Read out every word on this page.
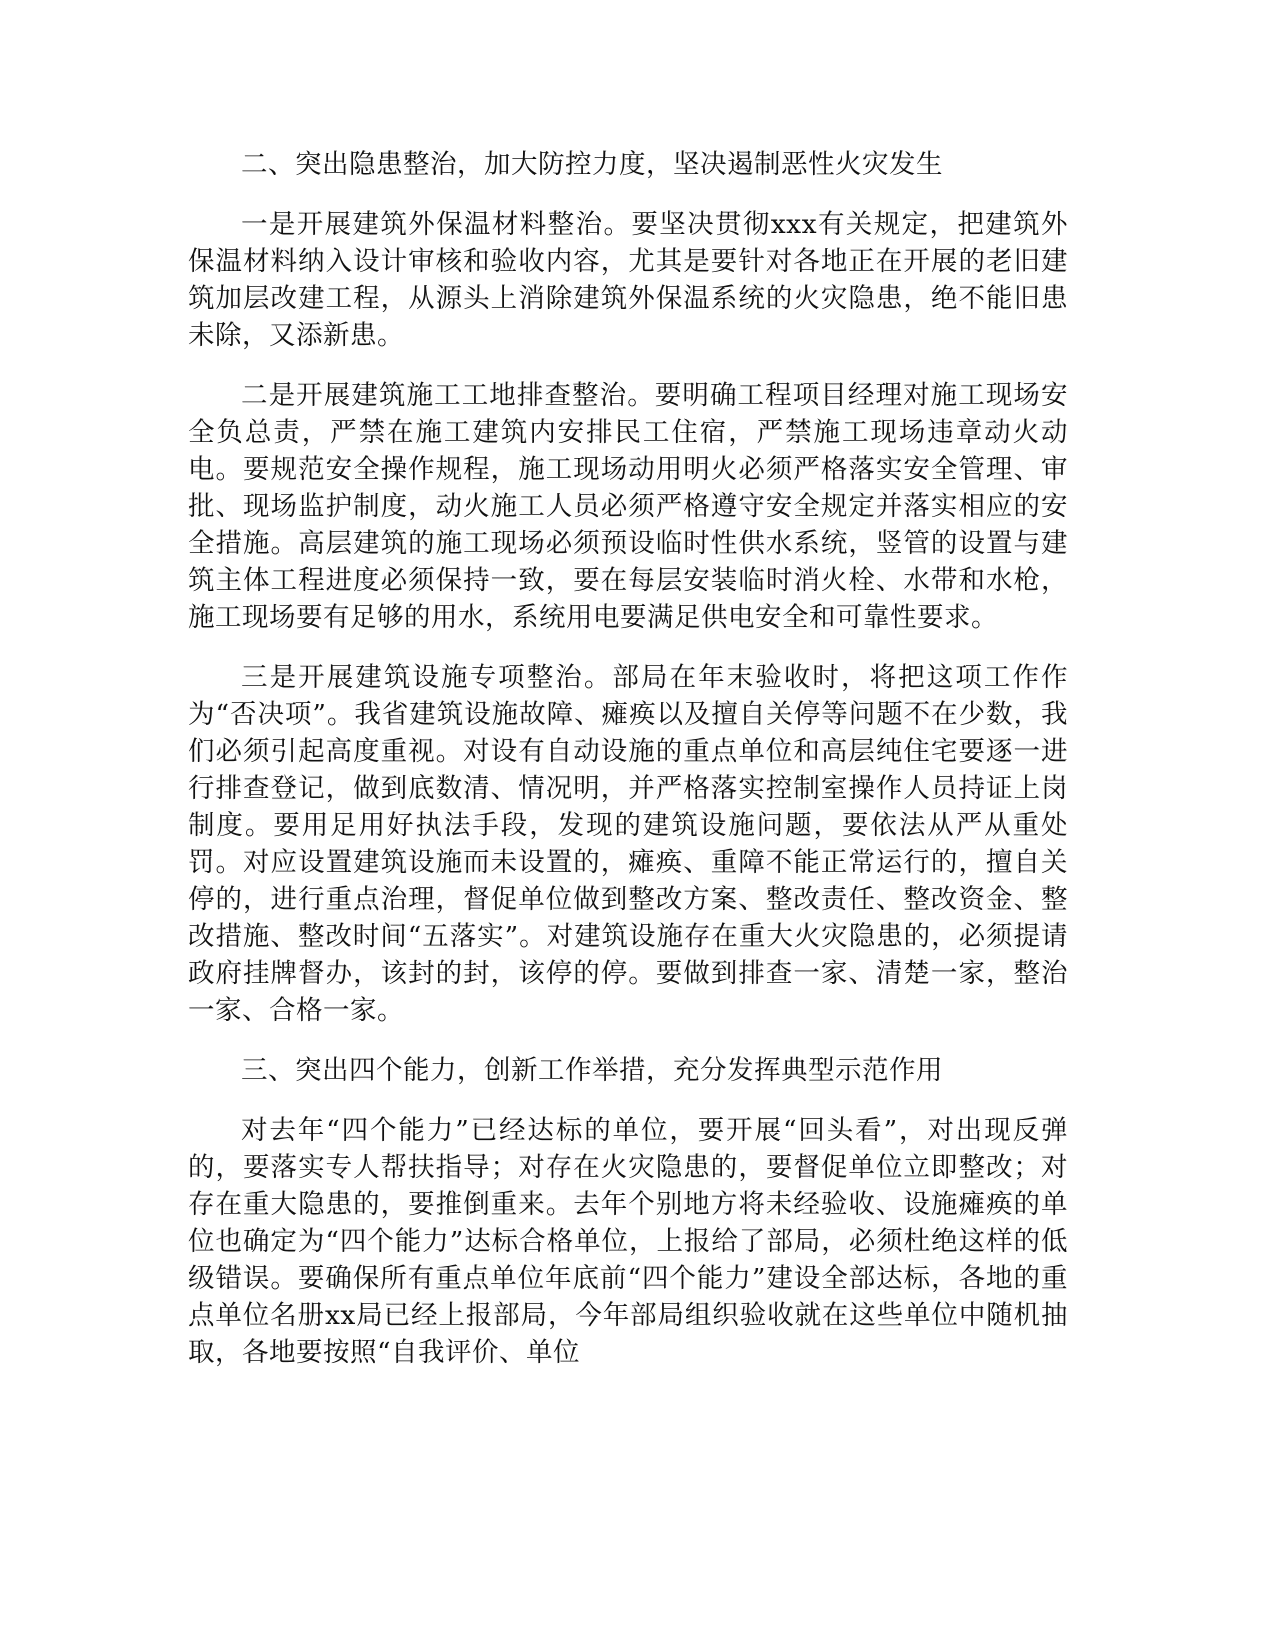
二、突出隐患整治，加大防控力度，坚决遏制恶性火灾发生

一是开展建筑外保温材料整治。要坚决贯彻xxx有关规定，把建筑外保温材料纳入设计审核和验收内容，尤其是要针对各地正在开展的老旧建筑加层改建工程，从源头上消除建筑外保温系统的火灾隐患，绝不能旧患未除，又添新患。

二是开展建筑施工工地排查整治。要明确工程项目经理对施工现场安全负总责，严禁在施工建筑内安排民工住宿，严禁施工现场违章动火动电。要规范安全操作规程，施工现场动用明火必须严格落实安全管理、审批、现场监护制度，动火施工人员必须严格遵守安全规定并落实相应的安全措施。高层建筑的施工现场必须预设临时性供水系统，竖管的设置与建筑主体工程进度必须保持一致，要在每层安装临时消火栓、水带和水枪，施工现场要有足够的用水，系统用电要满足供电安全和可靠性要求。

三是开展建筑设施专项整治。部局在年末验收时，将把这项工作作为“否决项”。我省建筑设施故障、瘫痪以及擅自关停等问题不在少数，我们必须引起高度重视。对设有自动设施的重点单位和高层纯住宅要逐一进行排查登记，做到底数清、情况明，并严格落实控制室操作人员持证上岗制度。要用足用好执法手段，发现的建筑设施问题，要依法从严从重处罚。对应设置建筑设施而未设置的，瘫痪、重障不能正常运行的，擅自关停的，进行重点治理，督促单位做到整改方案、整改责任、整改资金、整改措施、整改时间“五落实”。对建筑设施存在重大火灾隐患的，必须提请政府挂牌督办，该封的封，该停的停。要做到排查一家、清楚一家，整治一家、合格一家。

三、突出四个能力，创新工作举措，充分发挥典型示范作用

对去年“四个能力”已经达标的单位，要开展“回头看”，对出现反弹的，要落实专人帮扶指导；对存在火灾隐患的，要督促单位立即整改；对存在重大隐患的，要推倒重来。去年个别地方将未经验收、设施瘫痪的单位也确定为“四个能力”达标合格单位，上报给了部局，必须杜绝这样的低级错误。要确保所有重点单位年底前“四个能力”建设全部达标，各地的重点单位名册xx局已经上报部局，今年部局组织验收就在这些单位中随机抽取，各地要按照“自我评价、单位
